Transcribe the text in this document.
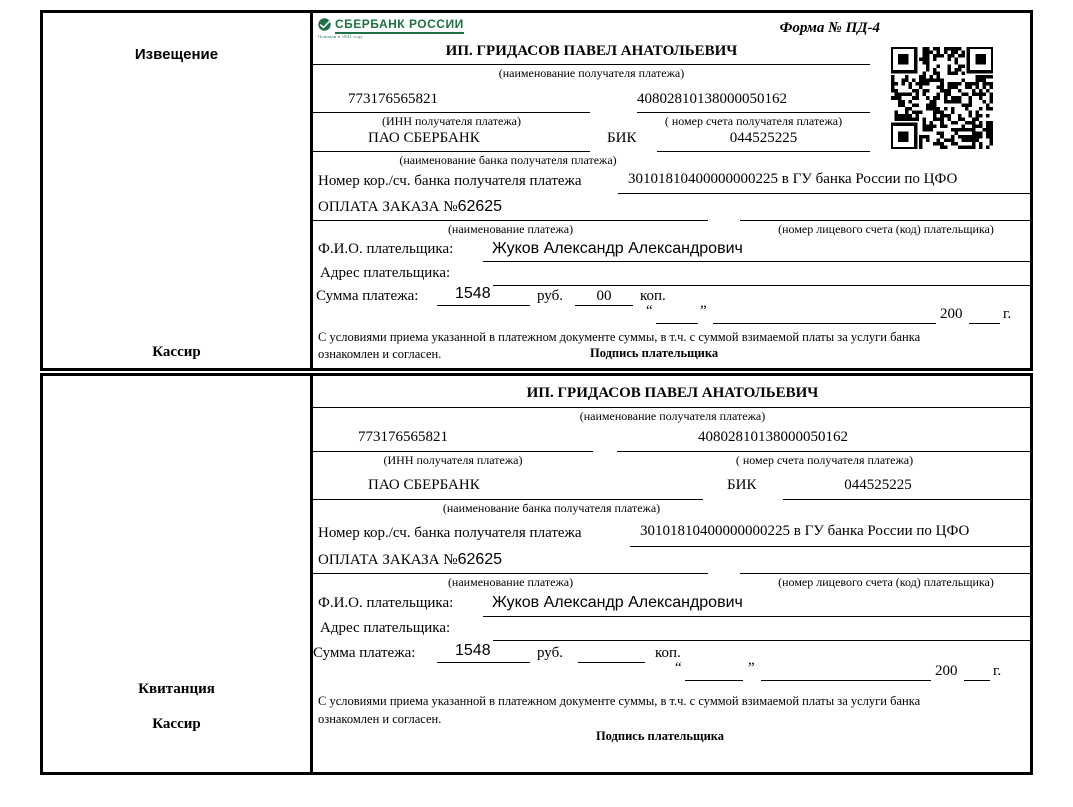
Извещение
Кассир
СБЕРБАНК РОССИИ
Основан в 1841 году
Форма № ПД-4
ИП. ГРИДАСОВ ПАВЕЛ АНАТОЛЬЕВИЧ
(наименование получателя платежа)
773176565821	40802810138000050162
(ИНН получателя платежа)	( номер счета получателя платежа)
ПАО СБЕРБАНК	БИК	044525225
(наименование банка получателя платежа)
Номер кор./сч. банка получателя платежа	30101810400000000225 в ГУ банка России по ЦФО
ОПЛАТА ЗАКАЗА №62625
(наименование платежа)	(номер лицевого счета (код) плательщика)
Ф.И.О. плательщика: Жуков Александр Александрович
Адрес плательщика:
Сумма платежа: 1548	руб.	00	коп.
“	”	200	г.
С условиями приема указанной в платежном документе суммы, в т.ч. с суммой взимаемой платы за услуги банка
ознакомлен и согласен.	Подпись плательщика
Квитанция
Кассир
ИП. ГРИДАСОВ ПАВЕЛ АНАТОЛЬЕВИЧ
(наименование получателя платежа)
773176565821	40802810138000050162
(ИНН получателя платежа)	( номер счета получателя платежа)
ПАО СБЕРБАНК	БИК	044525225
(наименование банка получателя платежа)
Номер кор./сч. банка получателя платежа	30101810400000000225 в ГУ банка России по ЦФО
ОПЛАТА ЗАКАЗА №62625
(наименование платежа)	(номер лицевого счета (код) плательщика)
Ф.И.О. плательщика: Жуков Александр Александрович
Адрес плательщика:
Сумма платежа: 1548	руб.	коп.
“	”	200 г.
С условиями приема указанной в платежном документе суммы, в т.ч. с суммой взимаемой платы за услуги банка
ознакомлен и согласен.
Подпись плательщика
